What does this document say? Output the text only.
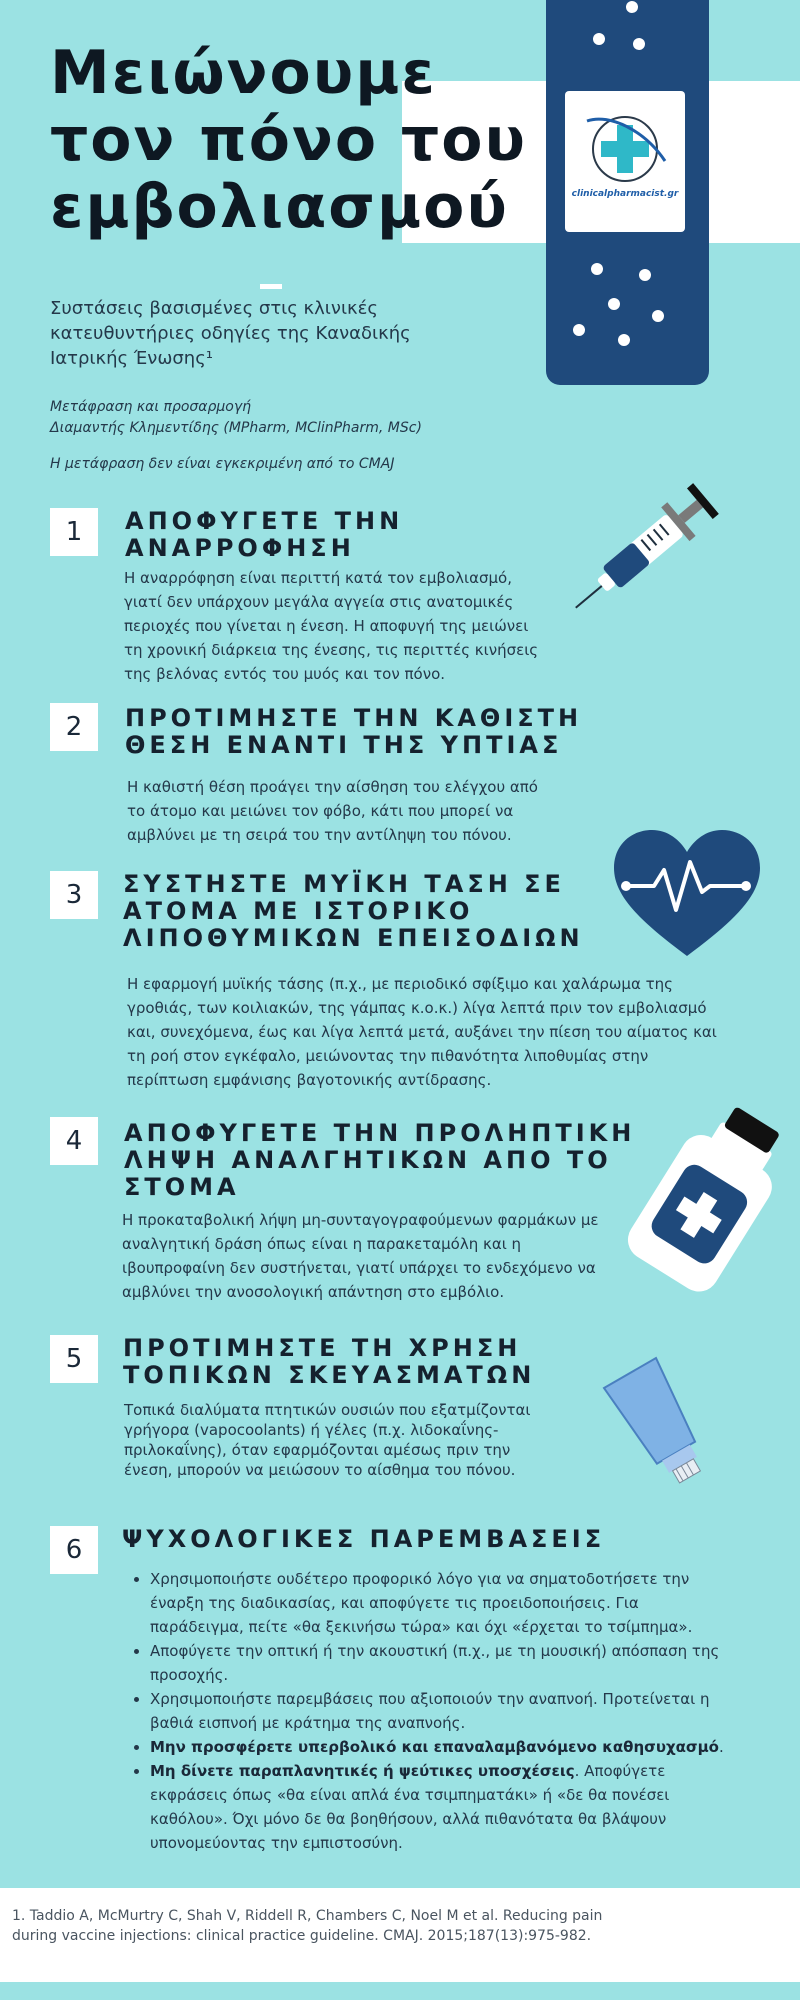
clinicalpharmacist.gr
Μειώνουμε
τον πόνο του
εμβολιασμού
Συστάσεις βασισμένες στις κλινικές
κατευθυντήριες οδηγίες της Καναδικής
Ιατρικής Ένωσης¹
Μετάφραση και προσαρμογή
Διαμαντής Κλημεντίδης (MPharm, MClinPharm, MSc)
Η μετάφραση δεν είναι εγκεκριμένη από το CMAJ
1	ΑΠΟΦΥΓΕΤΕ ΤΗΝ
ΑΝΑΡΡΟΦΗΣΗ
Η αναρρόφηση είναι περιττή κατά τον εμβολιασμό,
γιατί δεν υπάρχουν μεγάλα αγγεία στις ανατομικές
περιοχές που γίνεται η ένεση. Η αποφυγή της μειώνει
τη χρονική διάρκεια της ένεσης, τις περιττές κινήσεις
της βελόνας εντός του μυός και τον πόνο.
2	ΠΡΟΤΙΜΗΣΤΕ ΤΗΝ ΚΑΘΙΣΤΗ
ΘΕΣΗ ΕΝΑΝΤΙ ΤΗΣ ΥΠΤΙΑΣ
Η καθιστή θέση προάγει την αίσθηση του ελέγχου από
το άτομο και μειώνει τον φόβο, κάτι που μπορεί να
αμβλύνει με τη σειρά του την αντίληψη του πόνου.
3	ΣΥΣΤΗΣΤΕ ΜΥΪΚΗ ΤΑΣΗ ΣΕ
ΑΤΟΜΑ ΜΕ ΙΣΤΟΡΙΚΟ
ΛΙΠΟΘΥΜΙΚΩΝ ΕΠΕΙΣΟΔΙΩΝ
Η εφαρμογή μυϊκής τάσης (π.χ., με περιοδικό σφίξιμο και χαλάρωμα της
γροθιάς, των κοιλιακών, της γάμπας κ.ο.κ.) λίγα λεπτά πριν τον εμβολιασμό
και, συνεχόμενα, έως και λίγα λεπτά μετά, αυξάνει την πίεση του αίματος και
τη ροή στον εγκέφαλο, μειώνοντας την πιθανότητα λιποθυμίας στην
περίπτωση εμφάνισης βαγοτονικής αντίδρασης.
4	ΑΠΟΦΥΓΕΤΕ ΤΗΝ ΠΡΟΛΗΠΤΙΚΗ
ΛΗΨΗ ΑΝΑΛΓΗΤΙΚΩΝ ΑΠΟ ΤΟ
ΣΤΟΜΑ
Η προκαταβολική λήψη μη-συνταγογραφούμενων φαρμάκων με
αναλγητική δράση όπως είναι η παρακεταμόλη και η
ιβουπροφαίνη δεν συστήνεται, γιατί υπάρχει το ενδεχόμενο να
αμβλύνει την ανοσολογική απάντηση στο εμβόλιο.
5	ΠΡΟΤΙΜΗΣΤΕ ΤΗ ΧΡΗΣΗ
ΤΟΠΙΚΩΝ ΣΚΕΥΑΣΜΑΤΩΝ
Τοπικά διαλύματα πτητικών ουσιών που εξατμίζονται
γρήγορα (vapocoolants) ή γέλες (π.χ. λιδοκαΐνης-
πριλοκαΐνης), όταν εφαρμόζονται αμέσως πριν την
ένεση, μπορούν να μειώσουν το αίσθημα του πόνου.
6	ΨΥΧΟΛΟΓΙΚΕΣ ΠΑΡΕΜΒΑΣΕΙΣ
• Χρησιμοποιήστε ουδέτερο προφορικό λόγο για να σηματοδοτήσετε την έναρξη της διαδικασίας, και αποφύγετε τις προειδοποιήσεις. Για παράδειγμα, πείτε «θα ξεκινήσω τώρα» και όχι «έρχεται το τσίμπημα».
• Αποφύγετε την οπτική ή την ακουστική (π.χ., με τη μουσική) απόσπαση της προσοχής.
• Χρησιμοποιήστε παρεμβάσεις που αξιοποιούν την αναπνοή. Προτείνεται η βαθιά εισπνοή με κράτημα της αναπνοής.
• Μην προσφέρετε υπερβολικό και επαναλαμβανόμενο καθησυχασμό.
• Μη δίνετε παραπλανητικές ή ψεύτικες υποσχέσεις. Αποφύγετε εκφράσεις όπως «θα είναι απλά ένα τσιμπηματάκι» ή «δε θα πονέσει καθόλου». Όχι μόνο δε θα βοηθήσουν, αλλά πιθανότατα θα βλάψουν υπονομεύοντας την εμπιστοσύνη.
1. Taddio A, McMurtry C, Shah V, Riddell R, Chambers C, Noel M et al. Reducing pain
during vaccine injections: clinical practice guideline. CMAJ. 2015;187(13):975-982.
